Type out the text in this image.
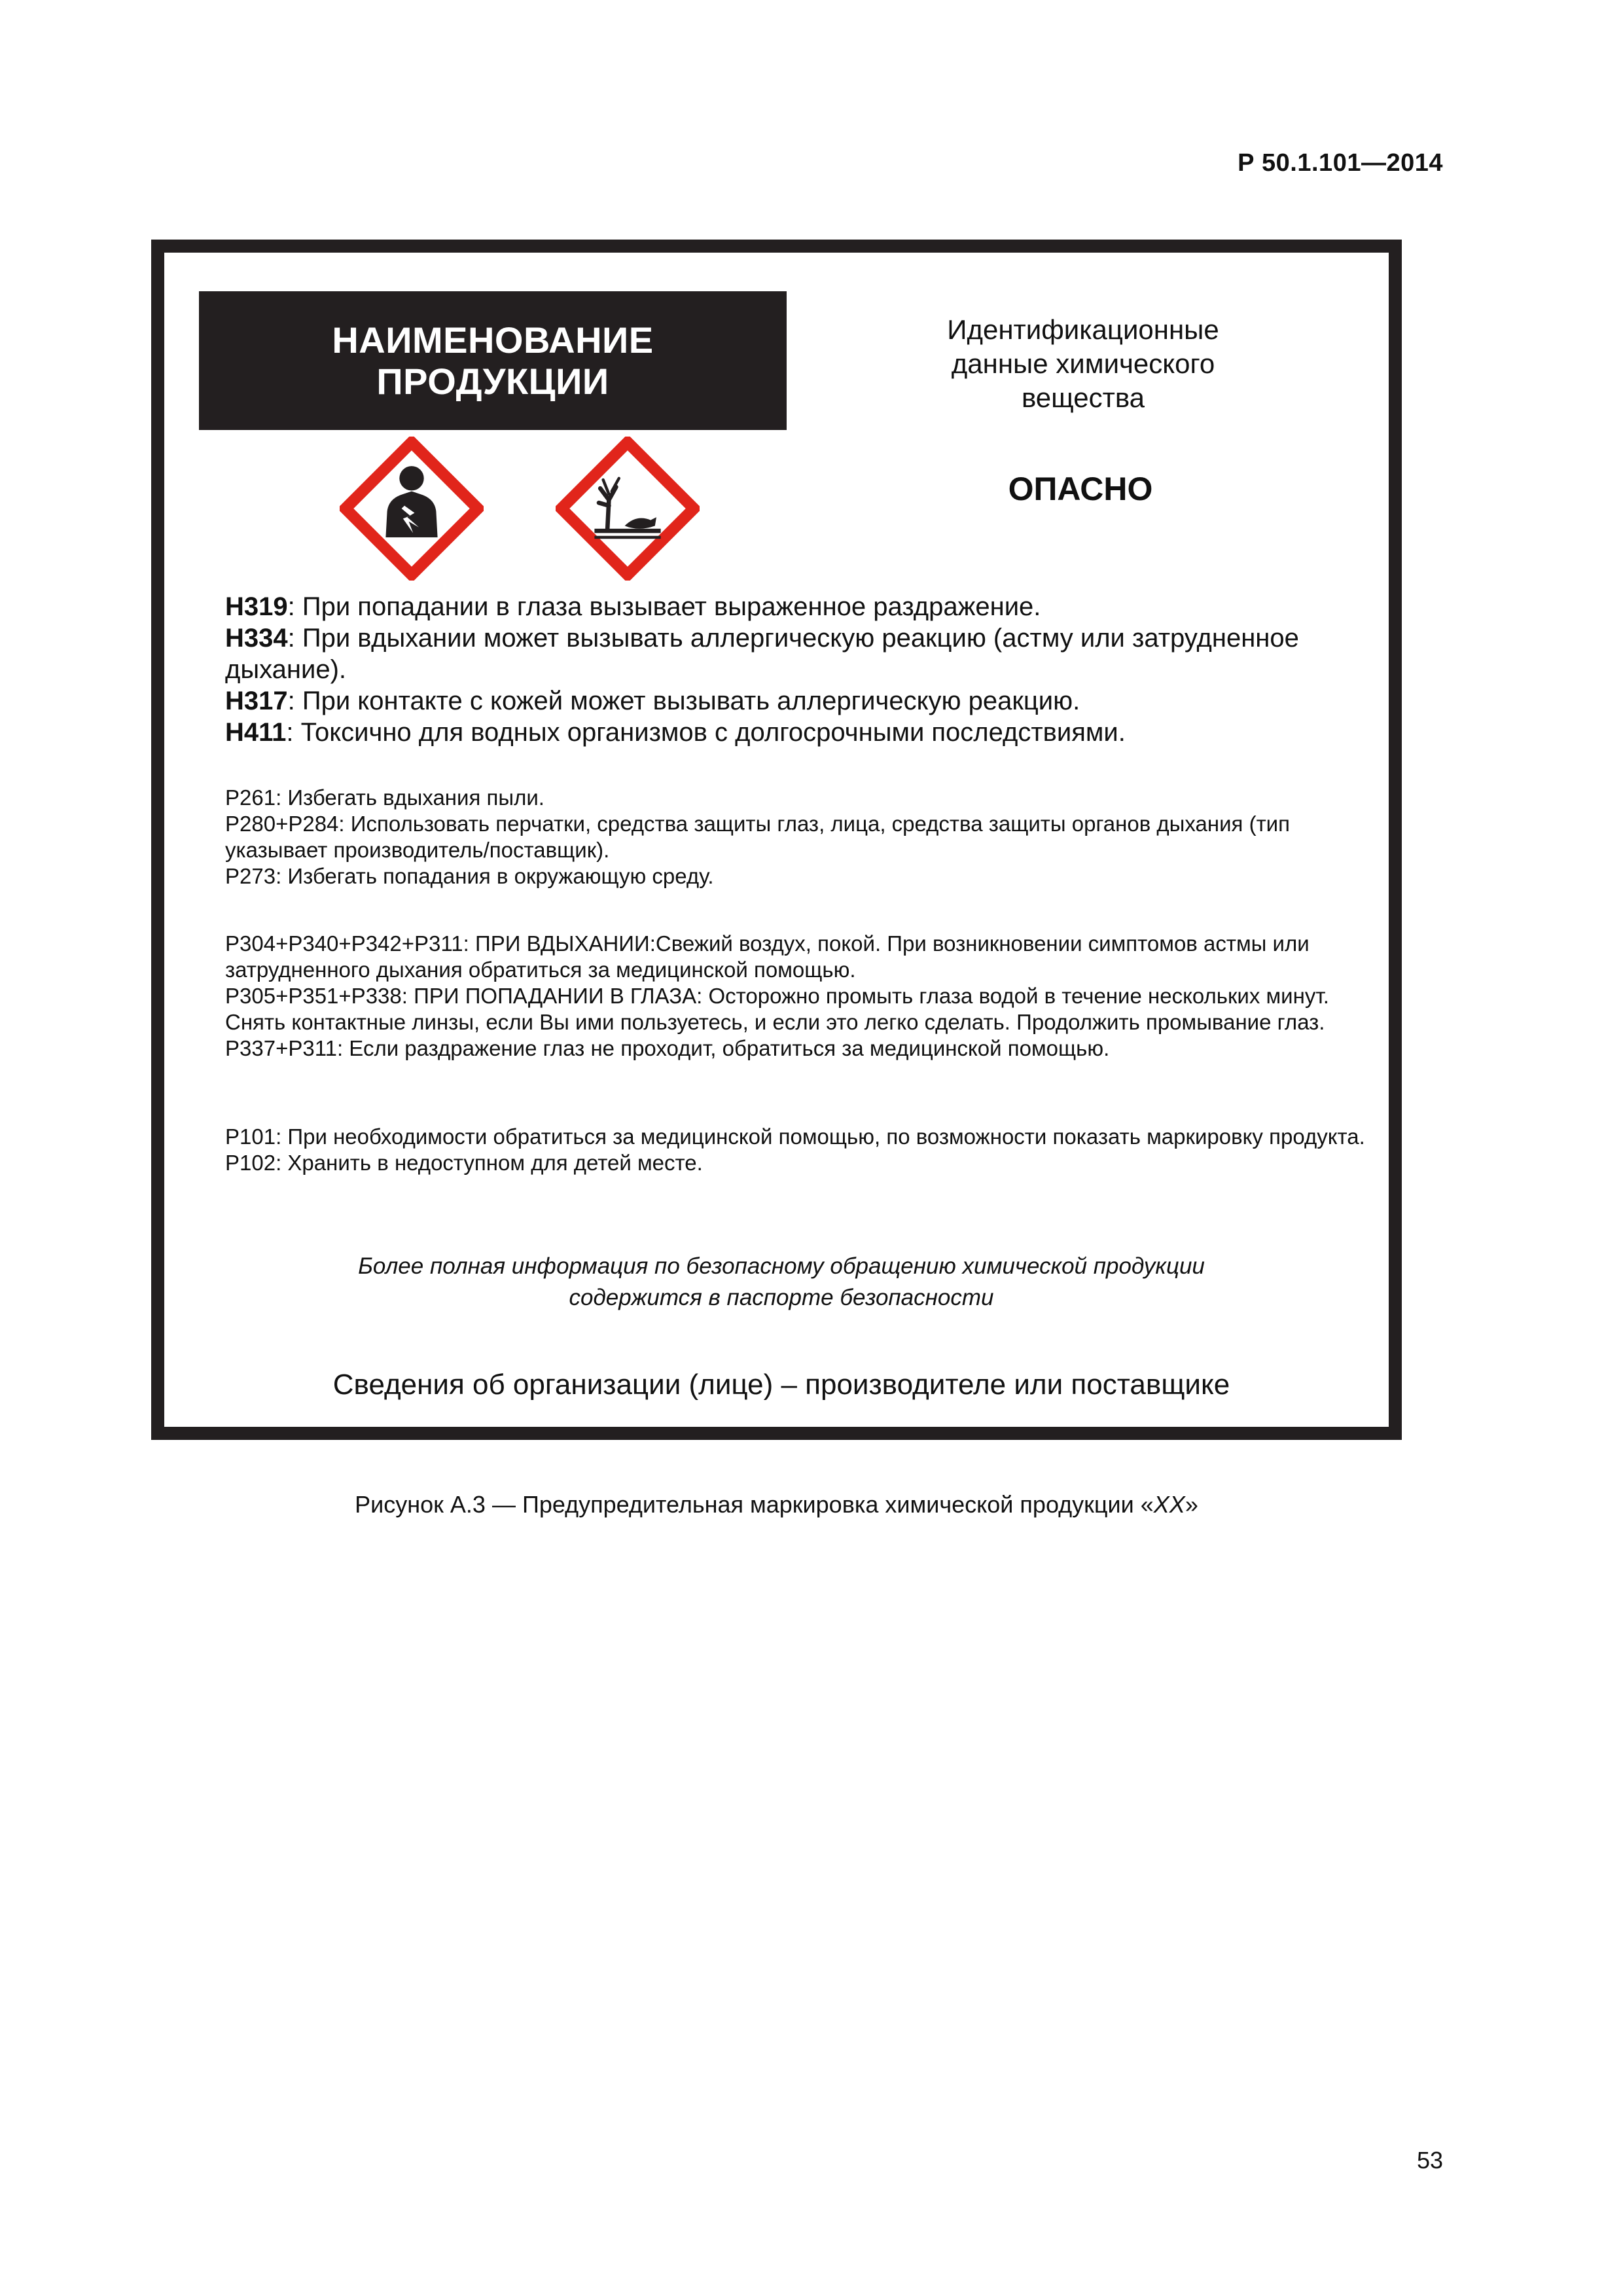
Р 50.1.101—2014
НАИМЕНОВАНИЕ
ПРОДУКЦИИ
Идентификационные
данные химического
вещества
ОПАСНО
H319: При попадании в глаза вызывает выраженное раздражение.
H334: При вдыхании может вызывать аллергическую реакцию (астму или затрудненное дыхание).
H317: При контакте с кожей может вызывать аллергическую реакцию.
H411: Токсично для водных организмов с долгосрочными последствиями.
P261: Избегать вдыхания пыли.
P280+P284: Использовать перчатки, средства защиты глаз, лица, средства защиты органов дыхания (тип указывает производитель/поставщик).
P273: Избегать попадания в окружающую среду.
P304+P340+P342+P311: ПРИ ВДЫХАНИИ:Свежий воздух, покой. При возникновении симптомов астмы или затрудненного дыхания обратиться за медицинской помощью.
P305+P351+P338: ПРИ ПОПАДАНИИ В ГЛАЗА: Осторожно промыть глаза водой в течение нескольких минут. Снять контактные линзы, если Вы ими пользуетесь, и если это легко сделать. Продолжить промывание глаз.
P337+P311: Если раздражение глаз не проходит, обратиться за медицинской помощью.
P101: При необходимости обратиться за медицинской помощью, по возможности показать маркировку продукта.
P102: Хранить в недоступном для детей месте.
Более полная информация по безопасному обращению химической продукции
содержится в паспорте безопасности
Сведения об организации (лице) – производителе или поставщике
Рисунок А.3 — Предупредительная маркировка химической продукции «XX»
53
